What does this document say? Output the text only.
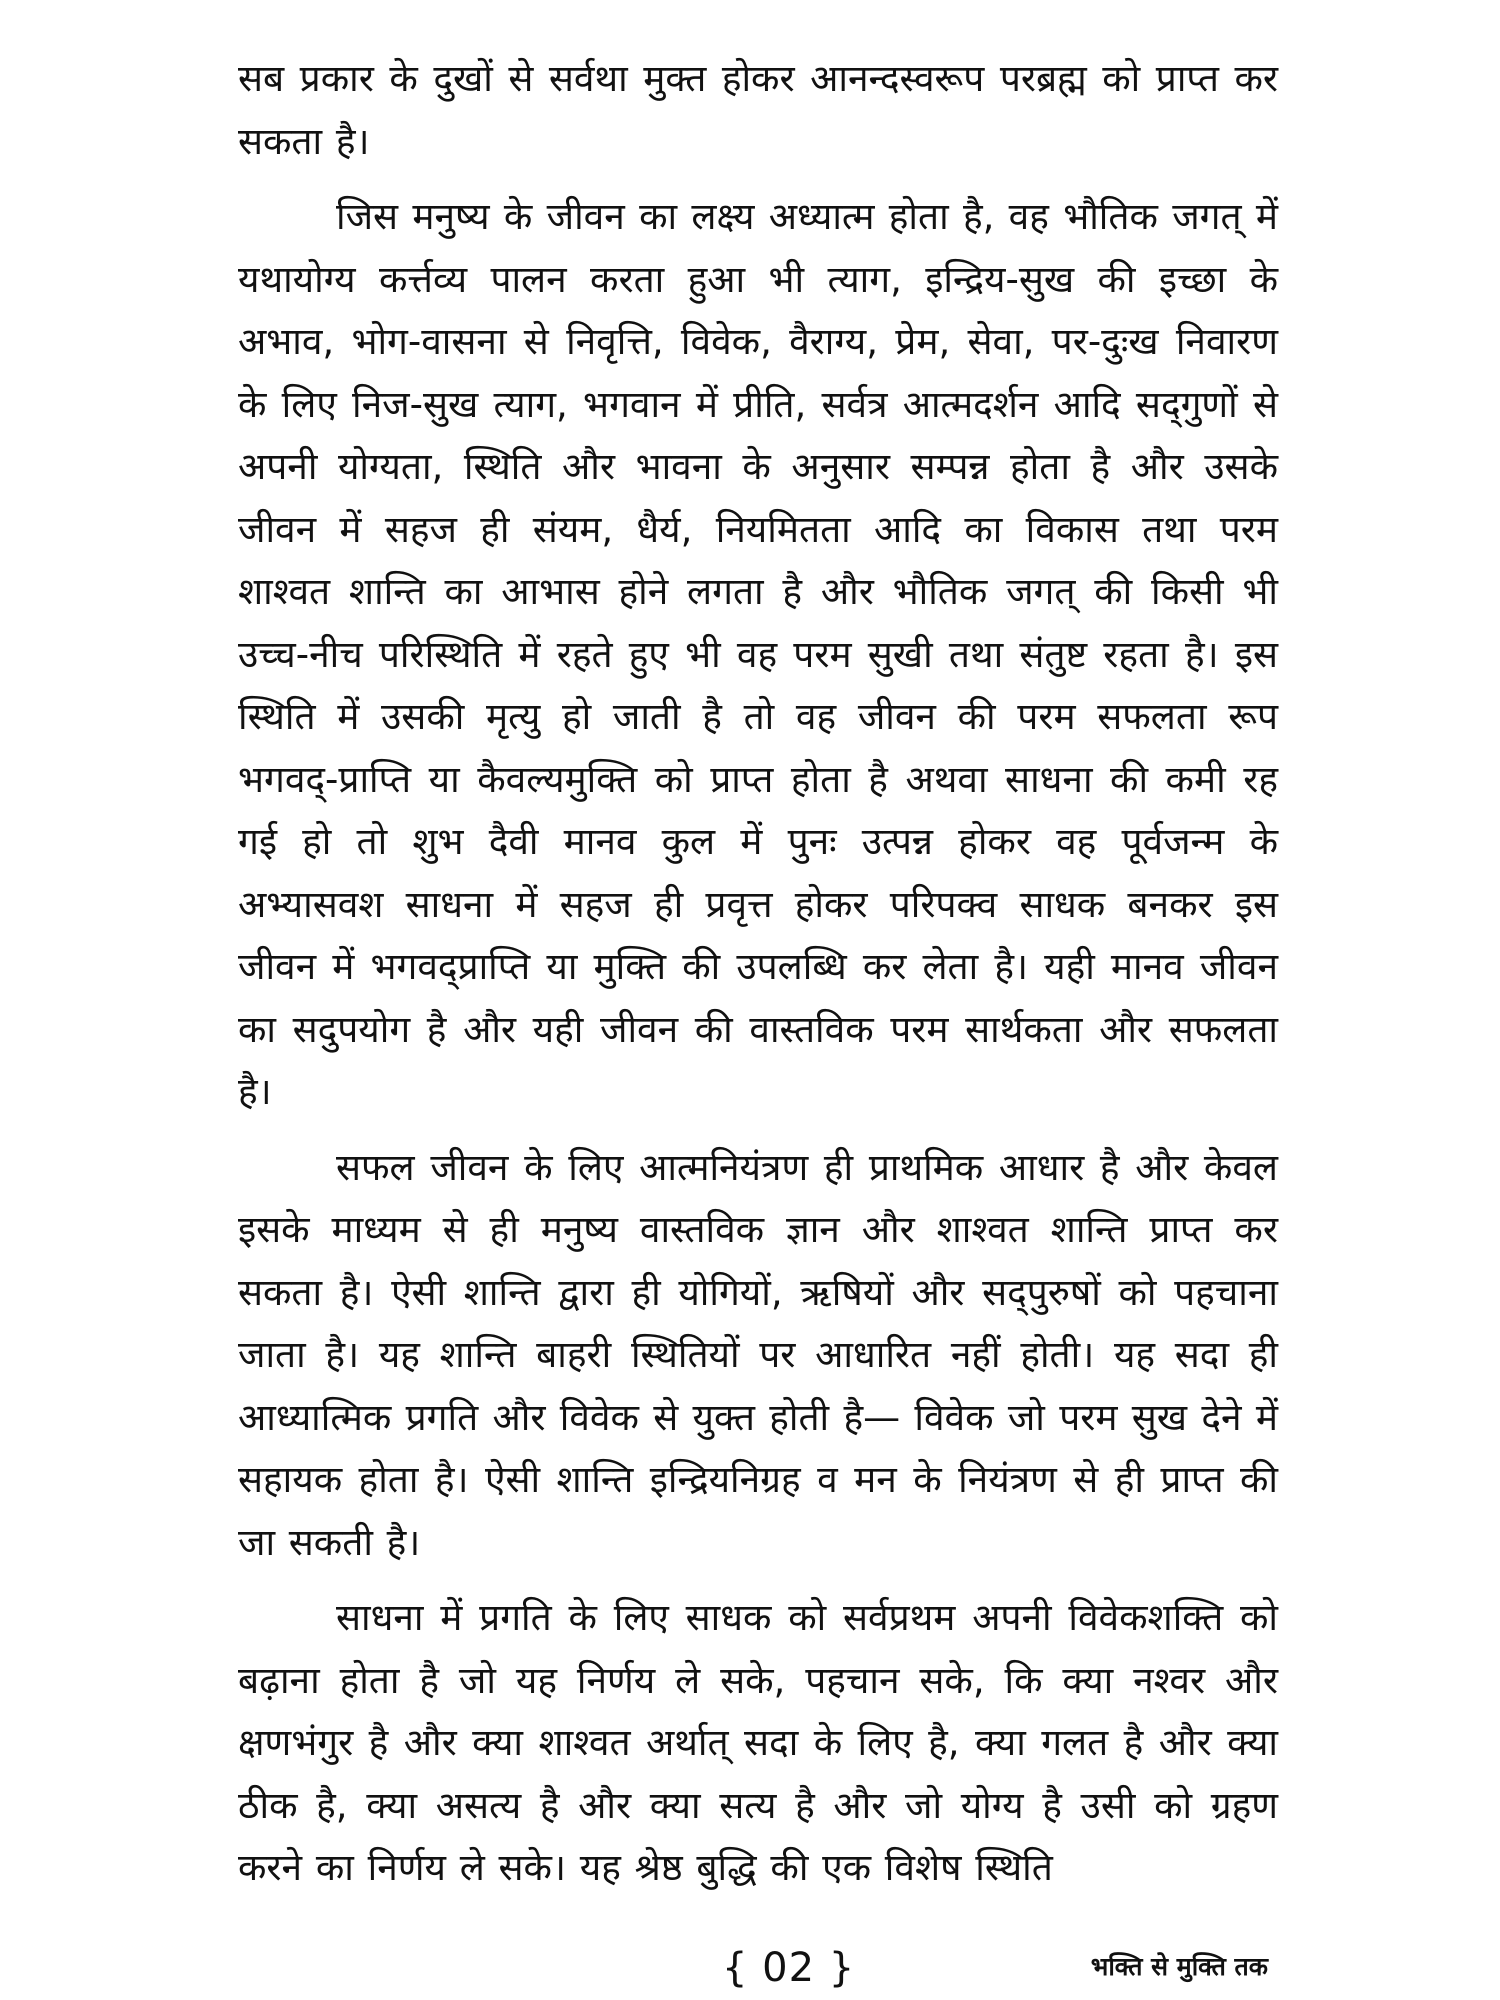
सब प्रकार के दुखों से सर्वथा मुक्त होकर आनन्दस्वरूप परब्रह्म को प्राप्त कर सकता है।

जिस मनुष्य के जीवन का लक्ष्य अध्यात्म होता है, वह भौतिक जगत् में यथायोग्य कर्त्तव्य पालन करता हुआ भी त्याग, इन्द्रिय-सुख की इच्छा के अभाव, भोग-वासना से निवृत्ति, विवेक, वैराग्य, प्रेम, सेवा, पर-दुःख निवारण के लिए निज-सुख त्याग, भगवान में प्रीति, सर्वत्र आत्मदर्शन आदि सद्‌गुणों से अपनी योग्यता, स्थिति और भावना के अनुसार सम्पन्न होता है और उसके जीवन में सहज ही संयम, धैर्य, नियमितता आदि का विकास तथा परम शाश्वत शान्ति का आभास होने लगता है और भौतिक जगत् की किसी भी उच्च-नीच परिस्थिति में रहते हुए भी वह परम सुखी तथा संतुष्ट रहता है। इस स्थिति में उसकी मृत्यु हो जाती है तो वह जीवन की परम सफलता रूप भगवद्-प्राप्ति या कैवल्यमुक्ति को प्राप्त होता है अथवा साधना की कमी रह गई हो तो शुभ दैवी मानव कुल में पुनः उत्पन्न होकर वह पूर्वजन्म के अभ्यासवश साधना में सहज ही प्रवृत्त होकर परिपक्व साधक बनकर इस जीवन में भगवद्प्राप्ति या मुक्ति की उपलब्धि कर लेता है। यही मानव जीवन का सदुपयोग है और यही जीवन की वास्तविक परम सार्थकता और सफलता है।

सफल जीवन के लिए आत्मनियंत्रण ही प्राथमिक आधार है और केवल इसके माध्यम से ही मनुष्य वास्तविक ज्ञान और शाश्वत शान्ति प्राप्त कर सकता है। ऐसी शान्ति द्वारा ही योगियों, ऋषियों और सद्‌पुरुषों को पहचाना जाता है। यह शान्ति बाहरी स्थितियों पर आधारित नहीं होती। यह सदा ही आध्यात्मिक प्रगति और विवेक से युक्त होती है— विवेक जो परम सुख देने में सहायक होता है। ऐसी शान्ति इन्द्रियनिग्रह व मन के नियंत्रण से ही प्राप्त की जा सकती है।

साधना में प्रगति के लिए साधक को सर्वप्रथम अपनी विवेकशक्ति को बढ़ाना होता है जो यह निर्णय ले सके, पहचान सके, कि क्या नश्वर और क्षणभंगुर है और क्या शाश्वत अर्थात् सदा के लिए है, क्या गलत है और क्या ठीक है, क्या असत्य है और क्या सत्य है और जो योग्य है उसी को ग्रहण करने का निर्णय ले सके। यह श्रेष्ठ बुद्धि की एक विशेष स्थिति

{ 02 }	भक्ति से मुक्ति तक
